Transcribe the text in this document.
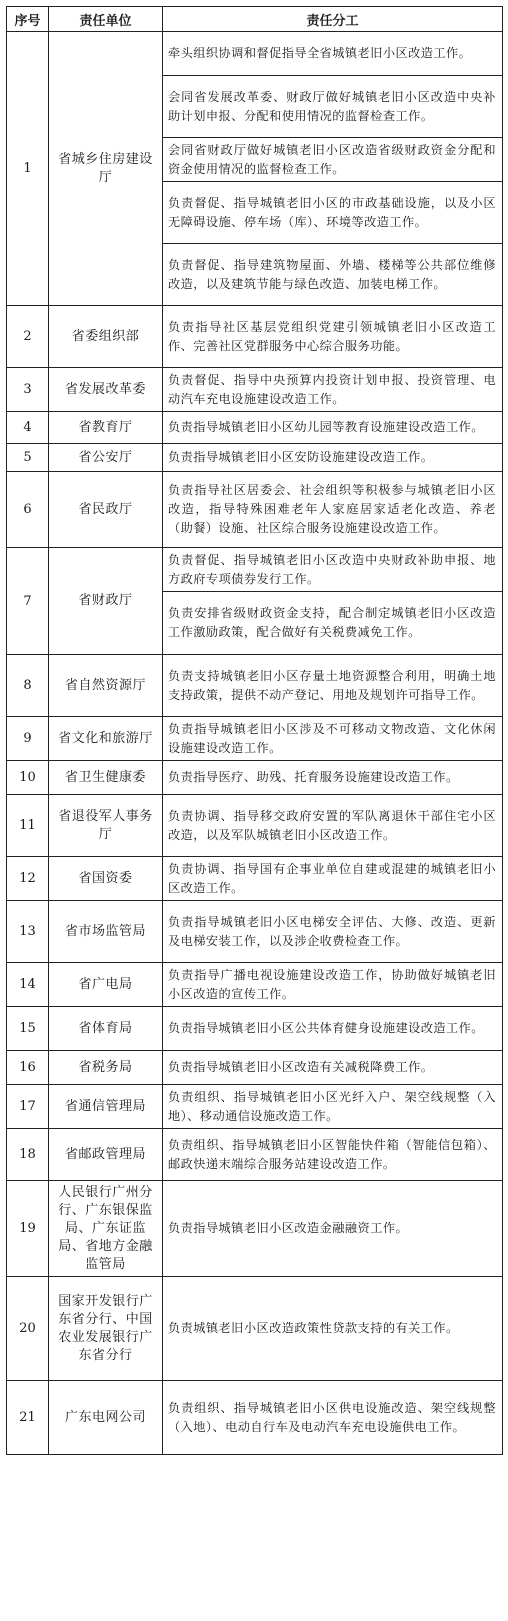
序号	责任单位	责任分工
1	省城乡住房建设厅	牵头组织协调和督促指导全省城镇老旧小区改造工作。
		会同省发展改革委、财政厅做好城镇老旧小区改造中央补助计划申报、分配和使用情况的监督检查工作。
		会同省财政厅做好城镇老旧小区改造省级财政资金分配和资金使用情况的监督检查工作。
		负责督促、指导城镇老旧小区的市政基础设施，以及小区无障碍设施、停车场（库）、环境等改造工作。
		负责督促、指导建筑物屋面、外墙、楼梯等公共部位维修改造，以及建筑节能与绿色改造、加装电梯工作。
2	省委组织部	负责指导社区基层党组织党建引领城镇老旧小区改造工作、完善社区党群服务中心综合服务功能。
3	省发展改革委	负责督促、指导中央预算内投资计划申报、投资管理、电动汽车充电设施建设改造工作。
4	省教育厅	负责指导城镇老旧小区幼儿园等教育设施建设改造工作。
5	省公安厅	负责指导城镇老旧小区安防设施建设改造工作。
6	省民政厅	负责指导社区居委会、社会组织等积极参与城镇老旧小区改造，指导特殊困难老年人家庭居家适老化改造、养老（助餐）设施、社区综合服务设施建设改造工作。
7	省财政厅	负责督促、指导城镇老旧小区改造中央财政补助申报、地方政府专项债券发行工作。
		负责安排省级财政资金支持，配合制定城镇老旧小区改造工作激励政策，配合做好有关税费减免工作。
8	省自然资源厅	负责支持城镇老旧小区存量土地资源整合利用，明确土地支持政策，提供不动产登记、用地及规划许可指导工作。
9	省文化和旅游厅	负责指导城镇老旧小区涉及不可移动文物改造、文化休闲设施建设改造工作。
10	省卫生健康委	负责指导医疗、助残、托育服务设施建设改造工作。
11	省退役军人事务厅	负责协调、指导移交政府安置的军队离退休干部住宅小区改造，以及军队城镇老旧小区改造工作。
12	省国资委	负责协调、指导国有企事业单位自建或混建的城镇老旧小区改造工作。
13	省市场监管局	负责指导城镇老旧小区电梯安全评估、大修、改造、更新及电梯安装工作，以及涉企收费检查工作。
14	省广电局	负责指导广播电视设施建设改造工作，协助做好城镇老旧小区改造的宣传工作。
15	省体育局	负责指导城镇老旧小区公共体育健身设施建设改造工作。
16	省税务局	负责指导城镇老旧小区改造有关减税降费工作。
17	省通信管理局	负责组织、指导城镇老旧小区光纤入户、架空线规整（入地）、移动通信设施改造工作。
18	省邮政管理局	负责组织、指导城镇老旧小区智能快件箱（智能信包箱）、邮政快递末端综合服务站建设改造工作。
19	人民银行广州分行、广东银保监局、广东证监局、省地方金融监管局	负责指导城镇老旧小区改造金融融资工作。
20	国家开发银行广东省分行、中国农业发展银行广东省分行	负责城镇老旧小区改造政策性贷款支持的有关工作。
21	广东电网公司	负责组织、指导城镇老旧小区供电设施改造、架空线规整（入地）、电动自行车及电动汽车充电设施供电工作。
